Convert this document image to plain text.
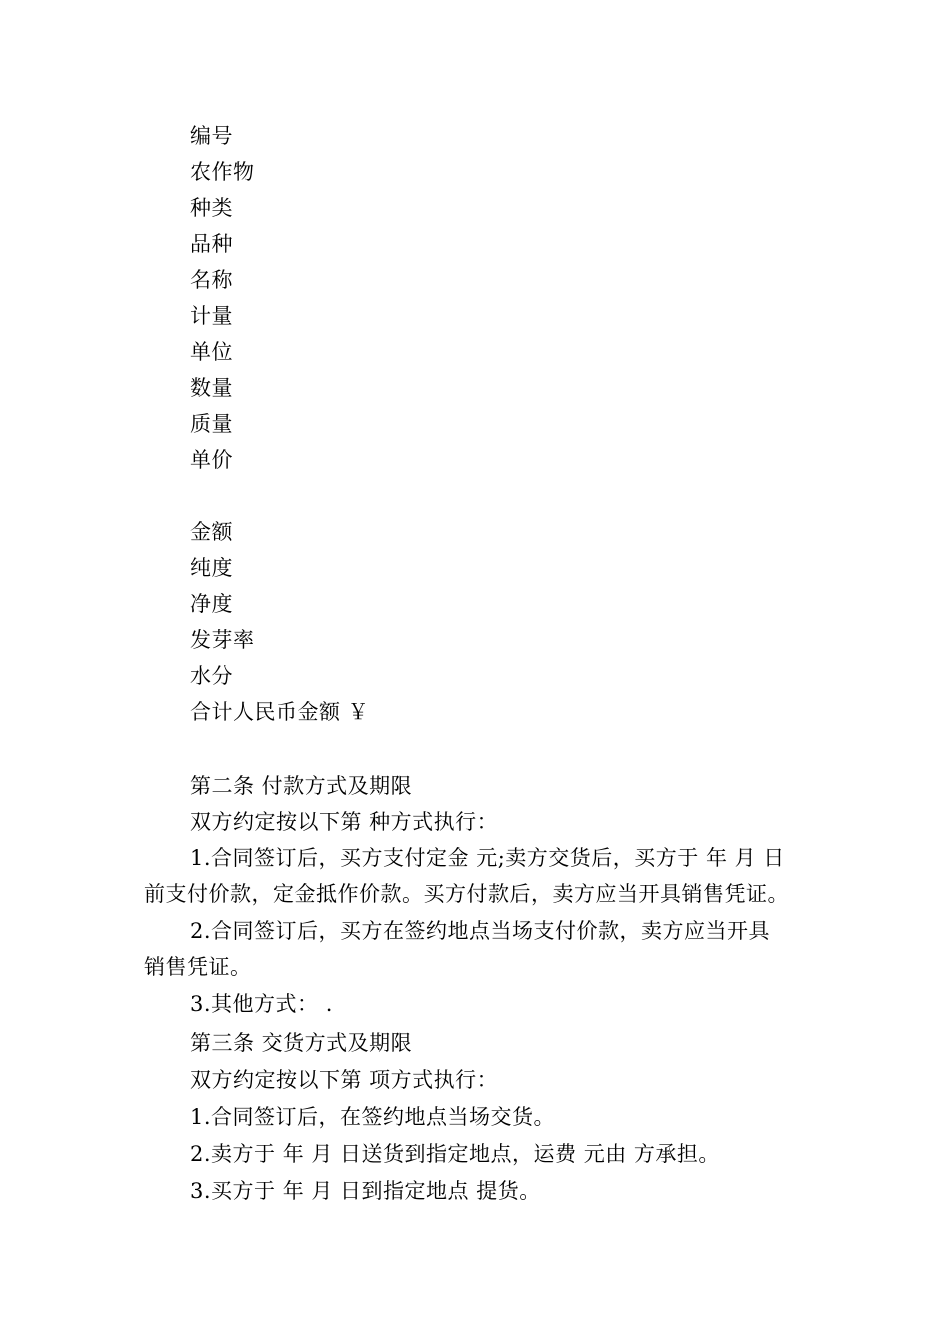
编号
农作物
种类
品种
名称
计量
单位
数量
质量
单价
金额
纯度
净度
发芽率
水分
合计人民币金额 ￥
第二条 付款方式及期限
双方约定按以下第 种方式执行：
1.合同签订后，买方支付定金 元;卖方交货后，买方于 年 月 日
前支付价款，定金抵作价款。买方付款后，卖方应当开具销售凭证。
2.合同签订后，买方在签约地点当场支付价款，卖方应当开具
销售凭证。
3.其他方式： .
第三条 交货方式及期限
双方约定按以下第 项方式执行：
1.合同签订后，在签约地点当场交货。
2.卖方于 年 月 日送货到指定地点，运费 元由 方承担。
3.买方于 年 月 日到指定地点 提货。
